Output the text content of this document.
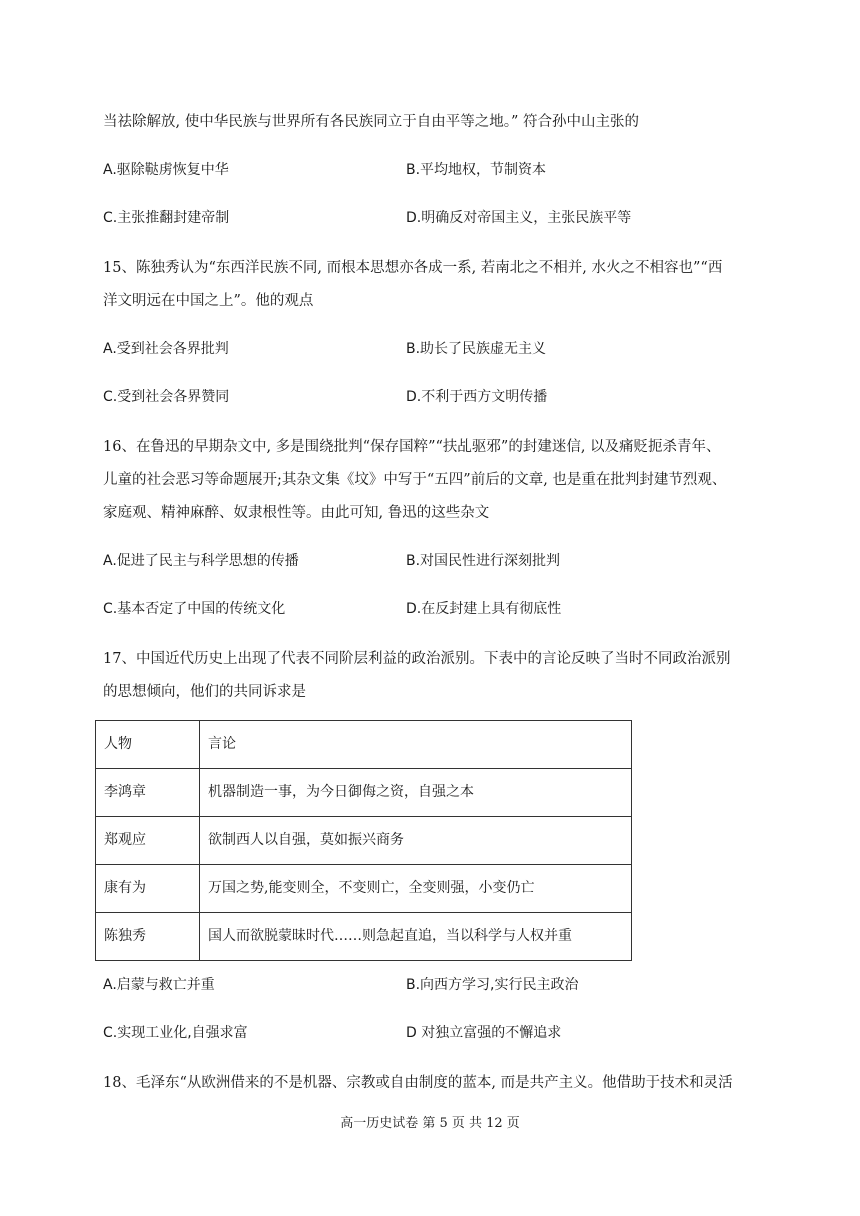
当祛除解放, 使中华民族与世界所有各民族同立于自由平等之地。” 符合孙中山主张的
A.驱除鞑虏恢复中华	B.平均地权，节制资本
C.主张推翻封建帝制	D.明确反对帝国主义，主张民族平等
15、陈独秀认为“东西洋民族不同, 而根本思想亦各成一系, 若南北之不相并, 水火之不相容也”“西
洋文明远在中国之上”。他的观点
A.受到社会各界批判	B.助长了民族虚无主义
C.受到社会各界赞同	D.不利于西方文明传播
16、在鲁迅的早期杂文中, 多是围绕批判“保存国粹”“扶乩驱邪”的封建迷信, 以及痛贬扼杀青年、
儿童的社会恶习等命题展开;其杂文集《坟》中写于“五四”前后的文章, 也是重在批判封建节烈观、
家庭观、精神麻醉、奴隶根性等。由此可知, 鲁迅的这些杂文
A.促进了民主与科学思想的传播	B.对国民性进行深刻批判
C.基本否定了中国的传统文化	D.在反封建上具有彻底性
17、中国近代历史上出现了代表不同阶层利益的政治派别。下表中的言论反映了当时不同政治派别
的思想倾向，他们的共同诉求是
人物	言论
李鸿章	机器制造一事，为今日御侮之资，自强之本
郑观应	欲制西人以自强，莫如振兴商务
康有为	万国之势,能变则全，不变则亡，全变则强，小变仍亡
陈独秀	国人而欲脱蒙昧时代……则急起直追，当以科学与人权并重
A.启蒙与救亡并重	B.向西方学习,实行民主政治
C.实现工业化,自强求富	D 对独立富强的不懈追求
18、毛泽东“从欧洲借来的不是机器、宗教或自由制度的蓝本, 而是共产主义。他借助于技术和灵活
高一历史试卷 第 5 页 共 12 页
